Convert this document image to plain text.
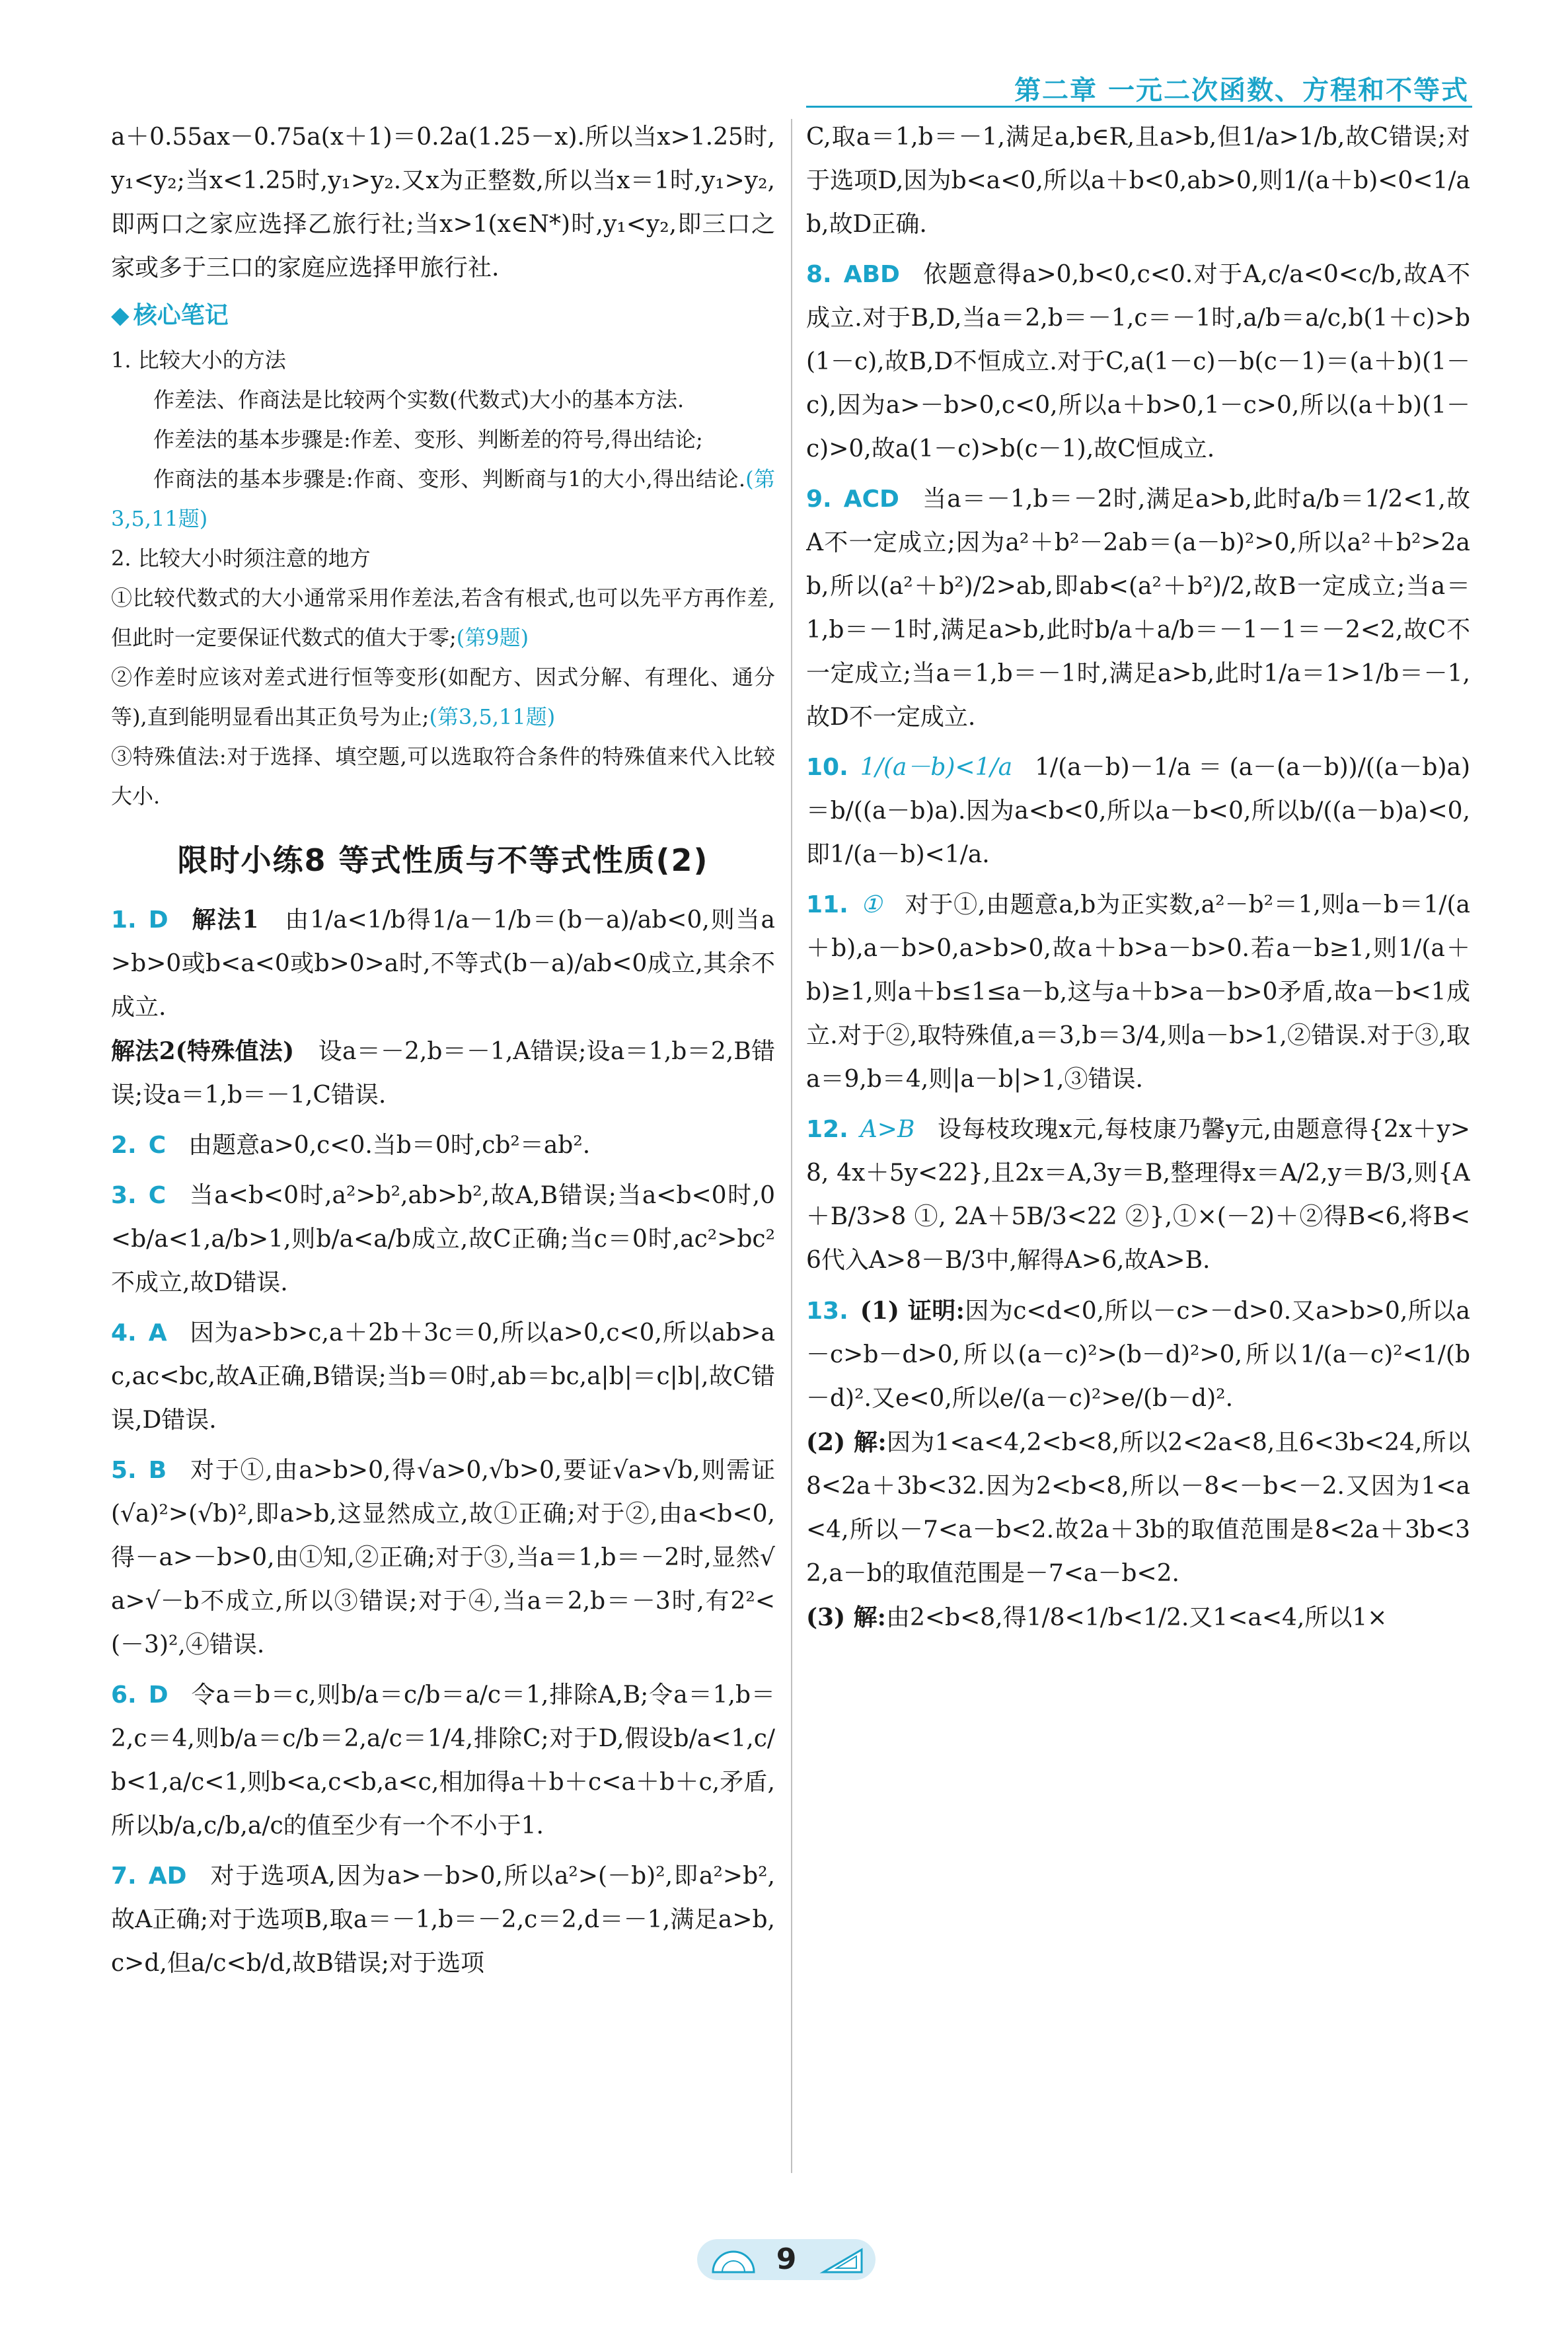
第二章 一元二次函数、方程和不等式

a＋0.55ax－0.75a(x＋1)＝0.2a(1.25－x).所以当x>1.25时,y₁<y₂;当x<1.25时,y₁>y₂.又x为正整数,所以当x＝1时,y₁>y₂,即两口之家应选择乙旅行社;当x>1(x∈N*)时,y₁<y₂,即三口之家或多于三口的家庭应选择甲旅行社.

◆ 核心笔记

1. 比较大小的方法

作差法、作商法是比较两个实数(代数式)大小的基本方法.

作差法的基本步骤是:作差、变形、判断差的符号,得出结论;

作商法的基本步骤是:作商、变形、判断商与1的大小,得出结论.(第3,5,11题)

2. 比较大小时须注意的地方

①比较代数式的大小通常采用作差法,若含有根式,也可以先平方再作差,但此时一定要保证代数式的值大于零;(第9题)

②作差时应该对差式进行恒等变形(如配方、因式分解、有理化、通分等),直到能明显看出其正负号为止;(第3,5,11题)

③特殊值法:对于选择、填空题,可以选取符合条件的特殊值来代入比较大小.

限时小练8 等式性质与不等式性质(2)

1. D 解法1　 由1/a<1/b得1/a－1/b＝(b－a)/ab<0,则当a>b>0或b<a<0或b>0>a时,不等式(b－a)/ab<0成立,其余不成立.

解法2(特殊值法)　 设a＝－2,b＝－1,A错误;设a＝1,b＝2,B错误;设a＝1,b＝－1,C错误.

2. C 由题意a>0,c<0.当b＝0时,cb²＝ab².

3. C 当a<b<0时,a²>b²,ab>b²,故A,B错误;当a<b<0时,0<b/a<1,a/b>1,则b/a<a/b成立,故C正确;当c＝0时,ac²>bc²不成立,故D错误.

4. A 因为a>b>c,a＋2b＋3c＝0,所以a>0,c<0,所以ab>ac,ac<bc,故A正确,B错误;当b＝0时,ab＝bc,a|b|＝c|b|,故C错误,D错误.

5. B 对于①,由a>b>0,得√a>0,√b>0,要证√a>√b,则需证(√a)²>(√b)²,即a>b,这显然成立,故①正确;对于②,由a<b<0,得－a>－b>0,由①知,②正确;对于③,当a＝1,b＝－2时,显然√a>√－b不成立,所以③错误;对于④,当a＝2,b＝－3时,有2²<(－3)²,④错误.

6. D 令a＝b＝c,则b/a＝c/b＝a/c＝1,排除A,B;令a＝1,b＝2,c＝4,则b/a＝c/b＝2,a/c＝1/4,排除C;对于D,假设b/a<1,c/b<1,a/c<1,则b<a,c<b,a<c,相加得a＋b＋c<a＋b＋c,矛盾,所以b/a,c/b,a/c的值至少有一个不小于1.

7. AD 对于选项A,因为a>－b>0,所以a²>(－b)²,即a²>b²,故A正确;对于选项B,取a＝－1,b＝－2,c＝2,d＝－1,满足a>b,c>d,但a/c<b/d,故B错误;对于选项

C,取a＝1,b＝－1,满足a,b∈R,且a>b,但1/a>1/b,故C错误;对于选项D,因为b<a<0,所以a＋b<0,ab>0,则1/(a＋b)<0<1/ab,故D正确.

8. ABD 依题意得a>0,b<0,c<0.对于A,c/a<0<c/b,故A不成立.对于B,D,当a＝2,b＝－1,c＝－1时,a/b＝a/c,b(1＋c)>b(1－c),故B,D不恒成立.对于C,a(1－c)－b(c－1)＝(a＋b)(1－c),因为a>－b>0,c<0,所以a＋b>0,1－c>0,所以(a＋b)(1－c)>0,故a(1－c)>b(c－1),故C恒成立.

9. ACD 当a＝－1,b＝－2时,满足a>b,此时a/b＝1/2<1,故A不一定成立;因为a²＋b²－2ab＝(a－b)²>0,所以a²＋b²>2ab,所以(a²＋b²)/2>ab,即ab<(a²＋b²)/2,故B一定成立;当a＝1,b＝－1时,满足a>b,此时b/a＋a/b＝－1－1＝－2<2,故C不一定成立;当a＝1,b＝－1时,满足a>b,此时1/a＝1>1/b＝－1,故D不一定成立.

10. 1/(a－b)<1/a 1/(a－b)－1/a＝(a－(a－b))/((a－b)a)＝b/((a－b)a).因为a<b<0,所以a－b<0,所以b/((a－b)a)<0,即1/(a－b)<1/a.

11. ① 对于①,由题意a,b为正实数,a²－b²＝1,则a－b＝1/(a＋b),a－b>0,a>b>0,故a＋b>a－b>0.若a－b≥1,则1/(a＋b)≥1,则a＋b≤1≤a－b,这与a＋b>a－b>0矛盾,故a－b<1成立.对于②,取特殊值,a＝3,b＝3/4,则a－b>1,②错误.对于③,取a＝9,b＝4,则|a－b|>1,③错误.

12. A>B 设每枝玫瑰x元,每枝康乃馨y元,由题意得{2x＋y>8, 4x＋5y<22},且2x＝A,3y＝B,整理得x＝A/2,y＝B/3,则{A＋B/3>8 ①, 2A＋5B/3<22 ②},①×(－2)＋②得B<6,将B<6代入A>8－B/3中,解得A>6,故A>B.

13. (1) 证明:因为c<d<0,所以－c>－d>0.又a>b>0,所以a－c>b－d>0,所以(a－c)²>(b－d)²>0,所以1/(a－c)²<1/(b－d)².又e<0,所以e/(a－c)²>e/(b－d)².

(2) 解:因为1<a<4,2<b<8,所以2<2a<8,且6<3b<24,所以8<2a＋3b<32.因为2<b<8,所以－8<－b<－2.又因为1<a<4,所以－7<a－b<2.故2a＋3b的取值范围是8<2a＋3b<32,a－b的取值范围是－7<a－b<2.

(3) 解:由2<b<8,得1/8<1/b<1/2.又1<a<4,所以1×

9
